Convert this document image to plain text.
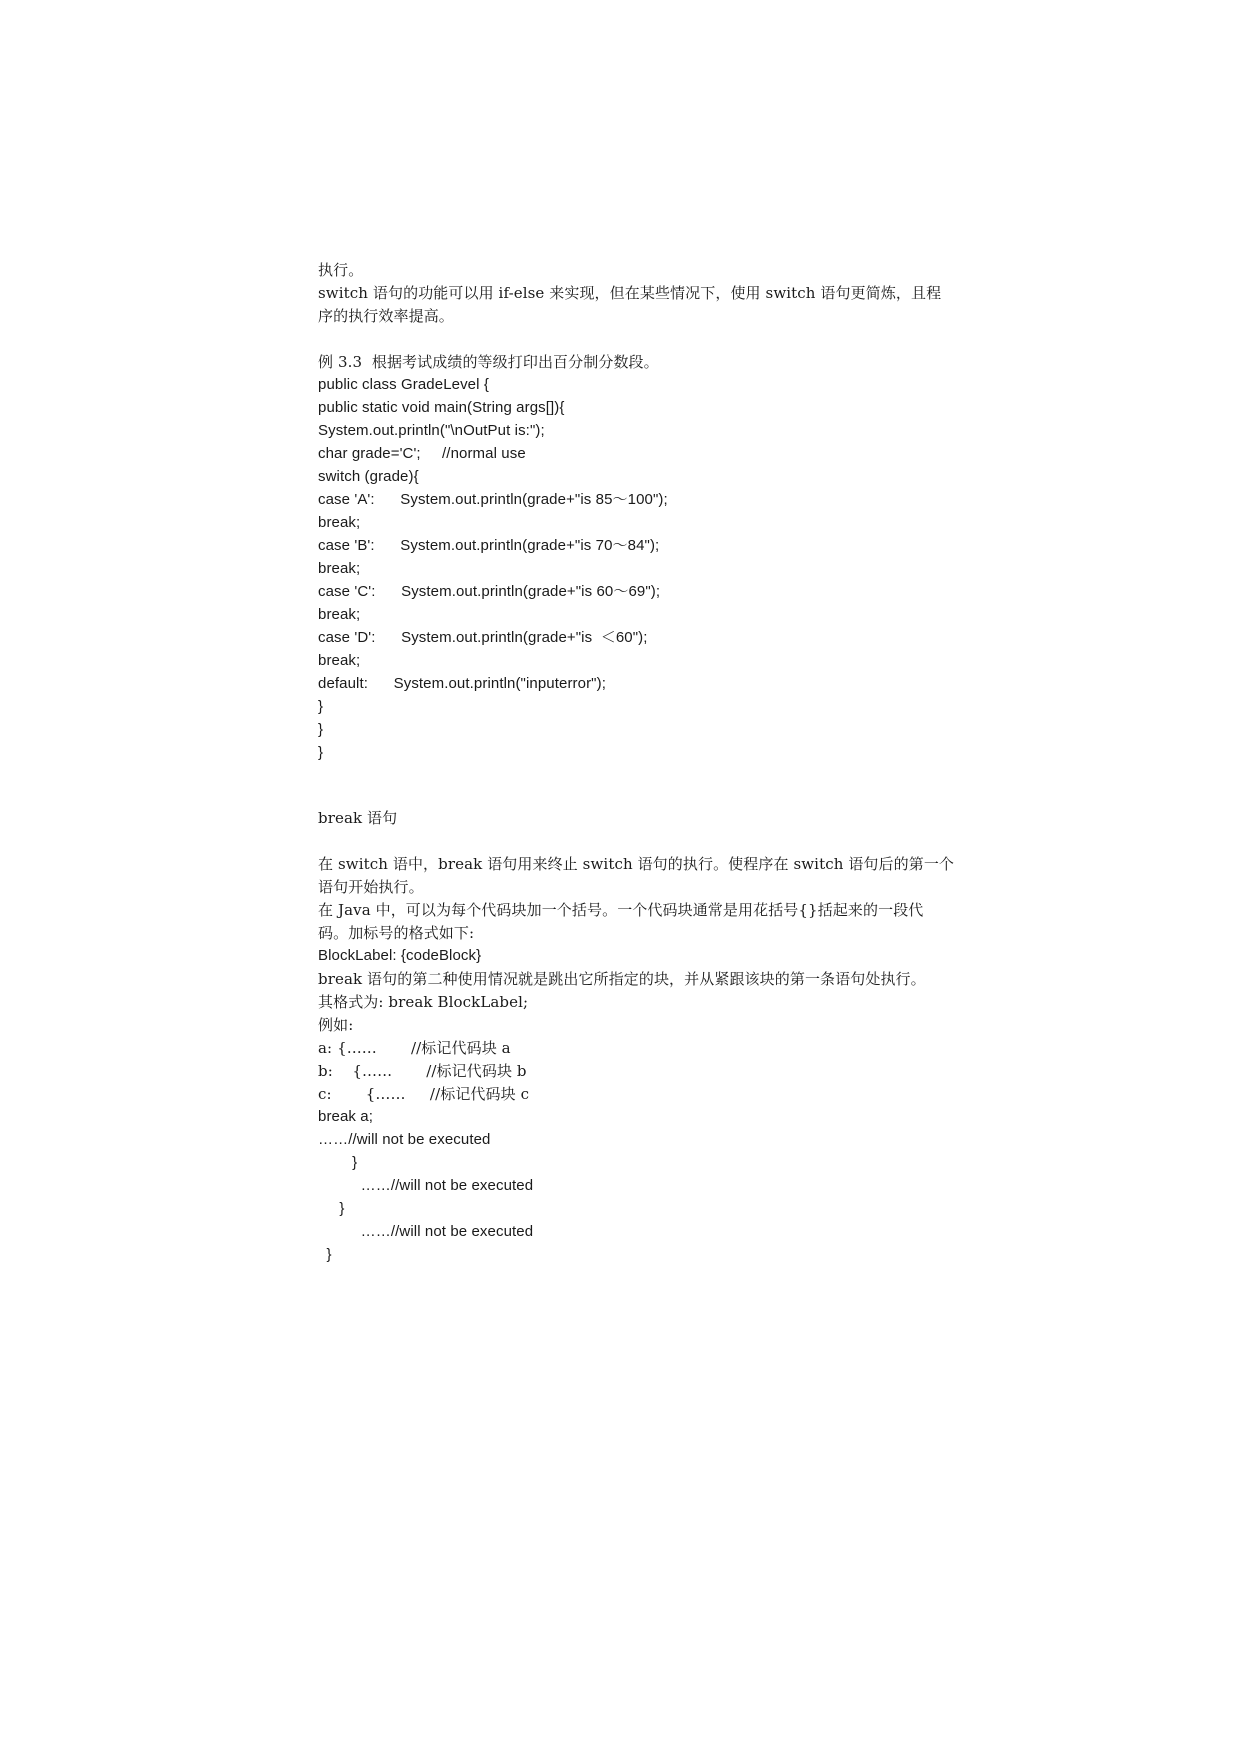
执行。
switch 语句的功能可以用 if-else 来实现，但在某些情况下，使用 switch 语句更简炼，且程
序的执行效率提高。
例 3.3  根据考试成绩的等级打印出百分制分数段。
public class GradeLevel {
public static void main(String args[]){
System.out.println("\nOutPut is:");
char grade='C';     //normal use
switch (grade){
case 'A':      System.out.println(grade+"is 85～100");
break;
case 'B':      System.out.println(grade+"is 70～84");
break;
case 'C':      System.out.println(grade+"is 60～69");
break;
case 'D':      System.out.println(grade+"is  ＜60");
break;
default:      System.out.println("inputerror");
}
}
}
break 语句
在 switch 语中，break 语句用来终止 switch 语句的执行。使程序在 switch 语句后的第一个
语句开始执行。
在 Java 中，可以为每个代码块加一个括号。一个代码块通常是用花括号{}括起来的一段代
码。加标号的格式如下:
BlockLabel: {codeBlock}
break 语句的第二种使用情况就是跳出它所指定的块，并从紧跟该块的第一条语句处执行。
其格式为: break BlockLabel;
例如:
a: {……       //标记代码块 a
b:    {……       //标记代码块 b
c:       {……     //标记代码块 c
break a;
……//will not be executed
}
……//will not be executed
}
……//will not be executed
}
